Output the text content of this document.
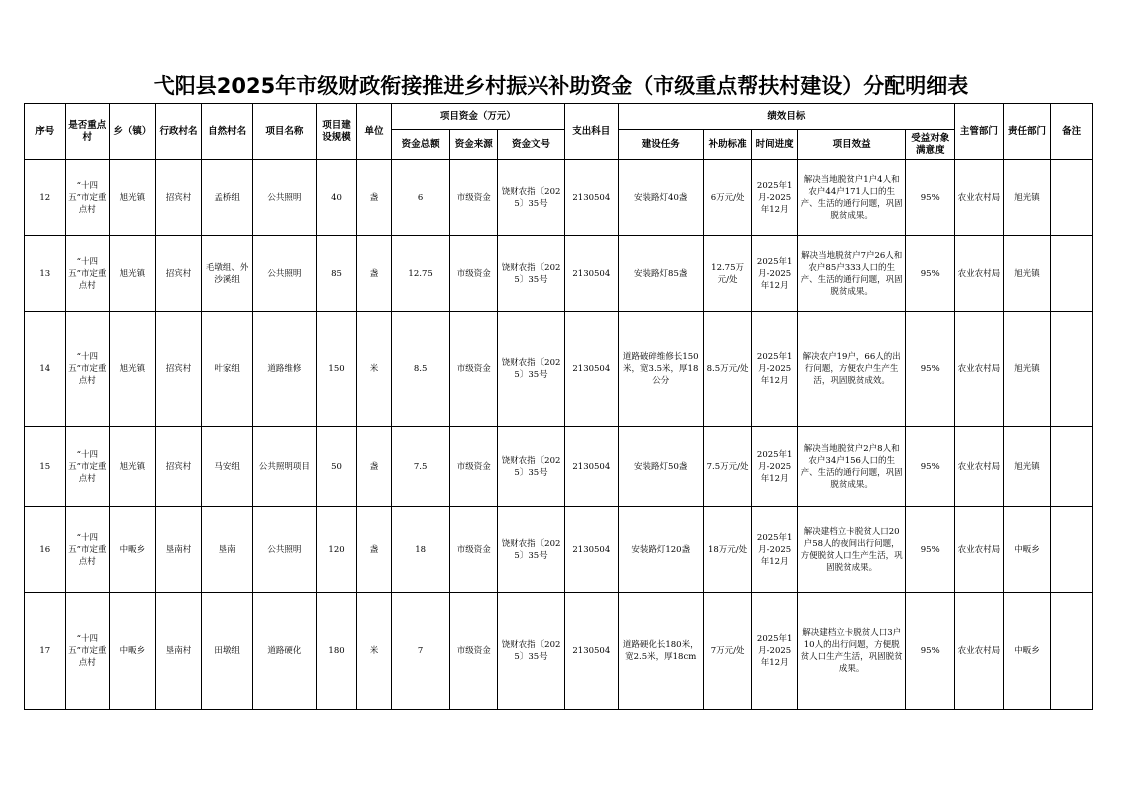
弋阳县2025年市级财政衔接推进乡村振兴补助资金（市级重点帮扶村建设）分配明细表
序号	是否重点村	乡（镇）	行政村名	自然村名	项目名称	项目建设规模	单位	项目资金（万元）			支出科目	绩效目标					主管部门	责任部门	备注
								资金总额	资金来源	资金文号		建设任务	补助标准	时间进度	项目效益	受益对象满意度			
12	“十四五”市定重点村	旭光镇	招宾村	孟桥组	公共照明	40	盏	6	市级资金	饶财农指〔2025〕35号	2130504	安装路灯40盏	6万元/处	2025年1月-2025年12月	解决当地脱贫户1户4人和农户44户171人口的生产、生活的通行问题，巩固脱贫成果。	95%	农业农村局	旭光镇	
13	“十四五”市定重点村	旭光镇	招宾村	毛墩组、外沙溪组	公共照明	85	盏	12.75	市级资金	饶财农指〔2025〕35号	2130504	安装路灯85盏	12.75万元/处	2025年1月-2025年12月	解决当地脱贫户7户26人和农户85户333人口的生产、生活的通行问题，巩固脱贫成果。	95%	农业农村局	旭光镇	
14	“十四五”市定重点村	旭光镇	招宾村	叶家组	道路维修	150	米	8.5	市级资金	饶财农指〔2025〕35号	2130504	道路破碎维修长150米，宽3.5米，厚18公分	8.5万元/处	2025年1月-2025年12月	解决农户19户，66人的出行问题，方便农户生产生活，巩固脱贫成效。	95%	农业农村局	旭光镇	
15	“十四五”市定重点村	旭光镇	招宾村	马安组	公共照明项目	50	盏	7.5	市级资金	饶财农指〔2025〕35号	2130504	安装路灯50盏	7.5万元/处	2025年1月-2025年12月	解决当地脱贫户2户8人和农户34户156人口的生产、生活的通行问题，巩固脱贫成果。	95%	农业农村局	旭光镇	
16	“十四五”市定重点村	中畈乡	垦南村	垦南	公共照明	120	盏	18	市级资金	饶财农指〔2025〕35号	2130504	安装路灯120盏	18万元/处	2025年1月-2025年12月	解决建档立卡脱贫人口20户58人的夜间出行问题，方便脱贫人口生产生活，巩固脱贫成果。	95%	农业农村局	中畈乡	
17	“十四五”市定重点村	中畈乡	垦南村	田墩组	道路硬化	180	米	7	市级资金	饶财农指〔2025〕35号	2130504	道路硬化长180米，宽2.5米，厚18cm	7万元/处	2025年1月-2025年12月	解决建档立卡脱贫人口3户10人的出行问题，方便脱贫人口生产生活，巩固脱贫成果。	95%	农业农村局	中畈乡	
